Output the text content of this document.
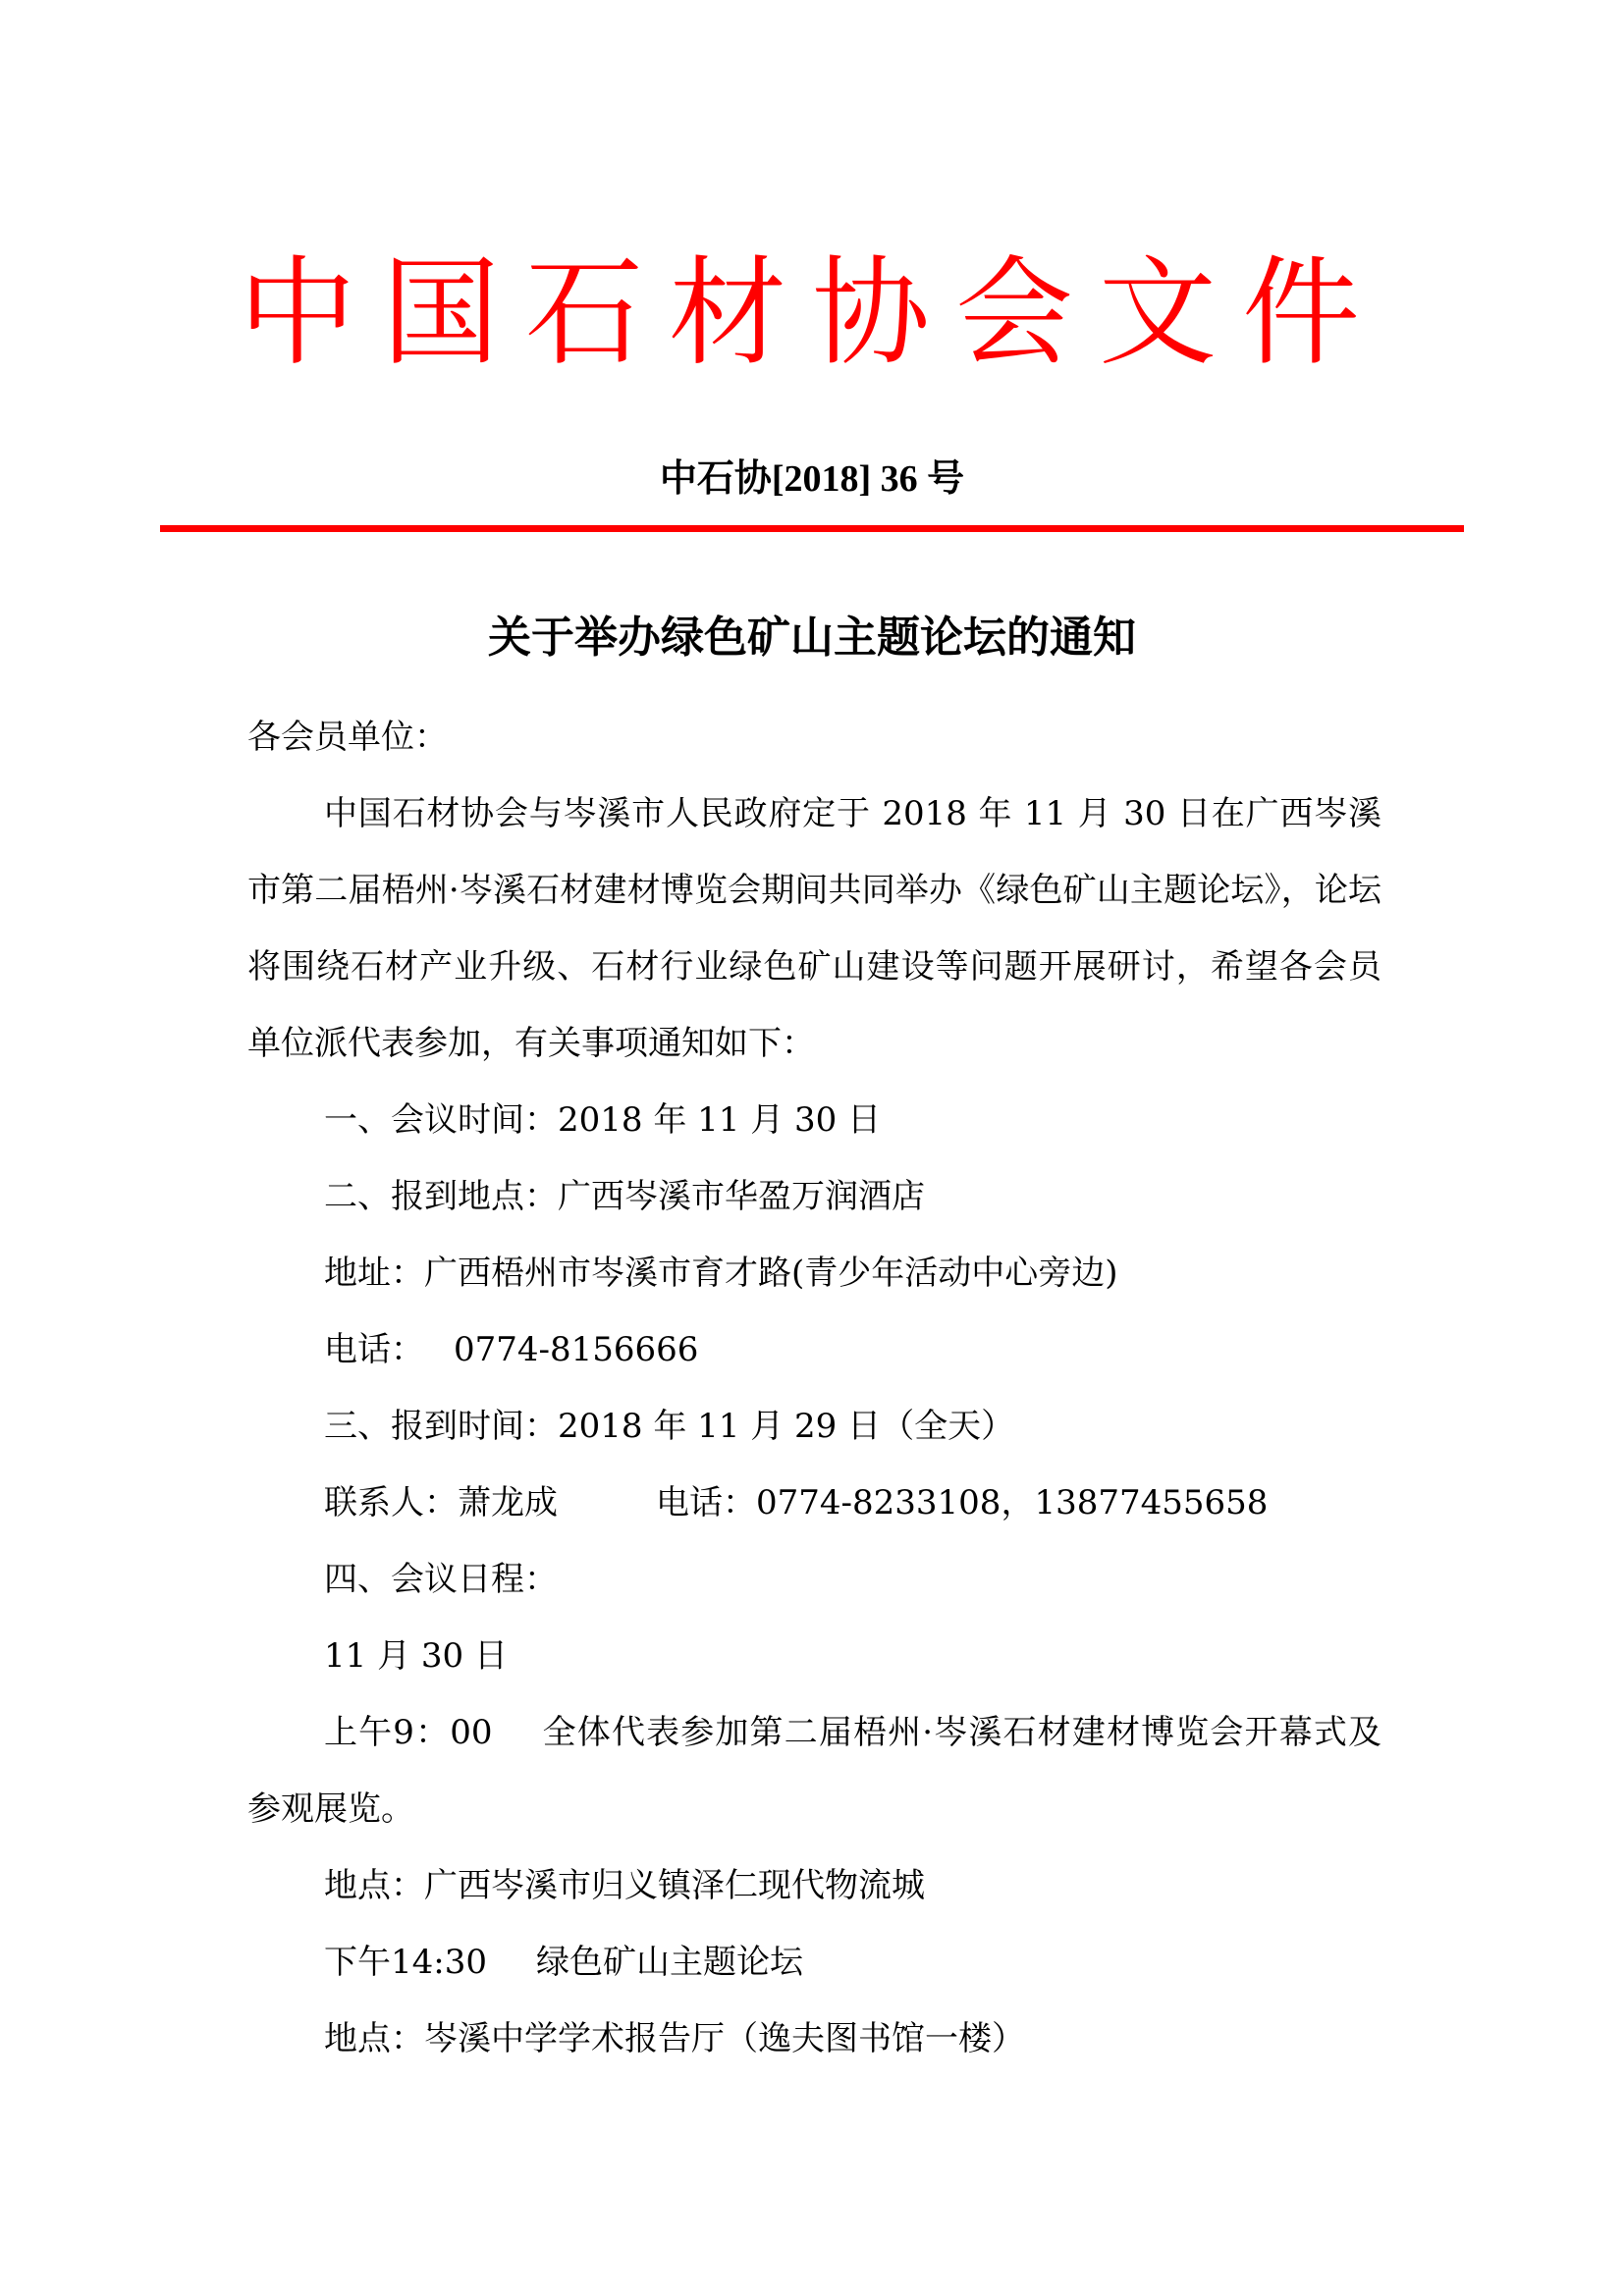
中国石材协会文件
中石协[2018] 36 号
关于举办绿色矿山主题论坛的通知

各会员单位：

中国石材协会与岑溪市人民政府定于 2018 年 11 月 30 日在广西岑溪市第二届梧州·岑溪石材建材博览会期间共同举办《绿色矿山主题论坛》，论坛将围绕石材产业升级、石材行业绿色矿山建设等问题开展研讨，希望各会员单位派代表参加，有关事项通知如下：

一、会议时间：2018 年 11 月 30 日

二、报到地点：广西岑溪市华盈万润酒店

地址：广西梧州市岑溪市育才路(青少年活动中心旁边)

电话： 0774-8156666

三、报到时间：2018 年 11 月 29 日（全天）

联系人：萧龙成	电话：0774-8233108，13877455658

四、会议日程：

11 月 30 日

上午9：00 全体代表参加第二届梧州·岑溪石材建材博览会开幕式及参观展览。

地点：广西岑溪市归义镇泽仁现代物流城

下午14:30 绿色矿山主题论坛

地点：岑溪中学学术报告厅（逸夫图书馆一楼）
